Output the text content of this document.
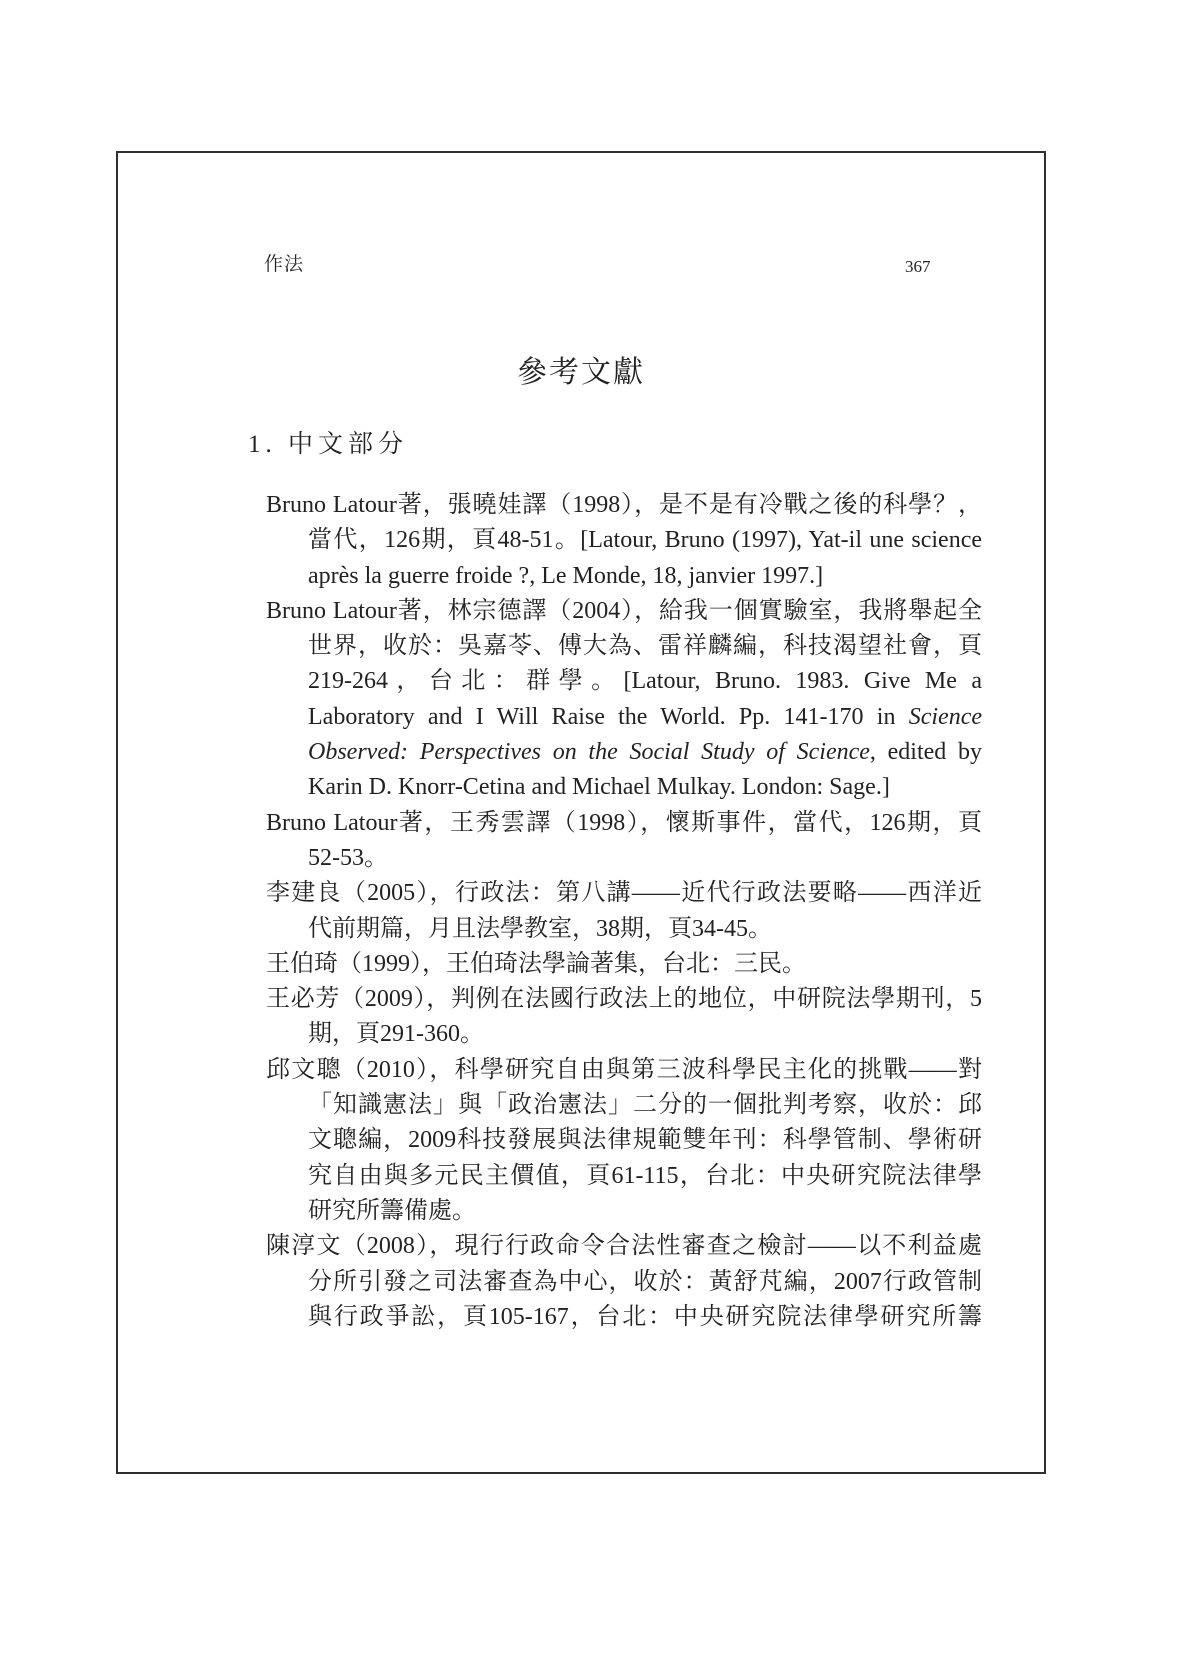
作法	367
參考文獻
1. 中文部分
Bruno Latour著，張曉娃譯（1998），是不是有冷戰之後的科學？，
當代，126期，頁48-51。[Latour, Bruno (1997), Yat-il une science
après la guerre froide ?, Le Monde, 18, janvier 1997.]
Bruno Latour著，林宗德譯（2004），給我一個實驗室，我將舉起全
世界，收於：吳嘉苓、傅大為、雷祥麟編，科技渴望社會，頁
219-264，台北：群學。[Latour, Bruno. 1983. Give Me a
Laboratory and I Will Raise the World. Pp. 141-170 in Science
Observed: Perspectives on the Social Study of Science, edited by
Karin D. Knorr-Cetina and Michael Mulkay. London: Sage.]
Bruno Latour著，王秀雲譯（1998），懷斯事件，當代，126期，頁
52-53。
李建良（2005），行政法：第八講——近代行政法要略——西洋近
代前期篇，月且法學教室，38期，頁34-45。
王伯琦（1999），王伯琦法學論著集，台北：三民。
王必芳（2009），判例在法國行政法上的地位，中研院法學期刊，5
期，頁291-360。
邱文聰（2010），科學研究自由與第三波科學民主化的挑戰——對
「知識憲法」與「政治憲法」二分的一個批判考察，收於：邱
文聰編，2009科技發展與法律規範雙年刊：科學管制、學術研
究自由與多元民主價值，頁61-115，台北：中央研究院法律學
研究所籌備處。
陳淳文（2008），現行行政命令合法性審查之檢討——以不利益處
分所引發之司法審查為中心，收於：黃舒芃編，2007行政管制
與行政爭訟，頁105-167，台北：中央研究院法律學研究所籌
